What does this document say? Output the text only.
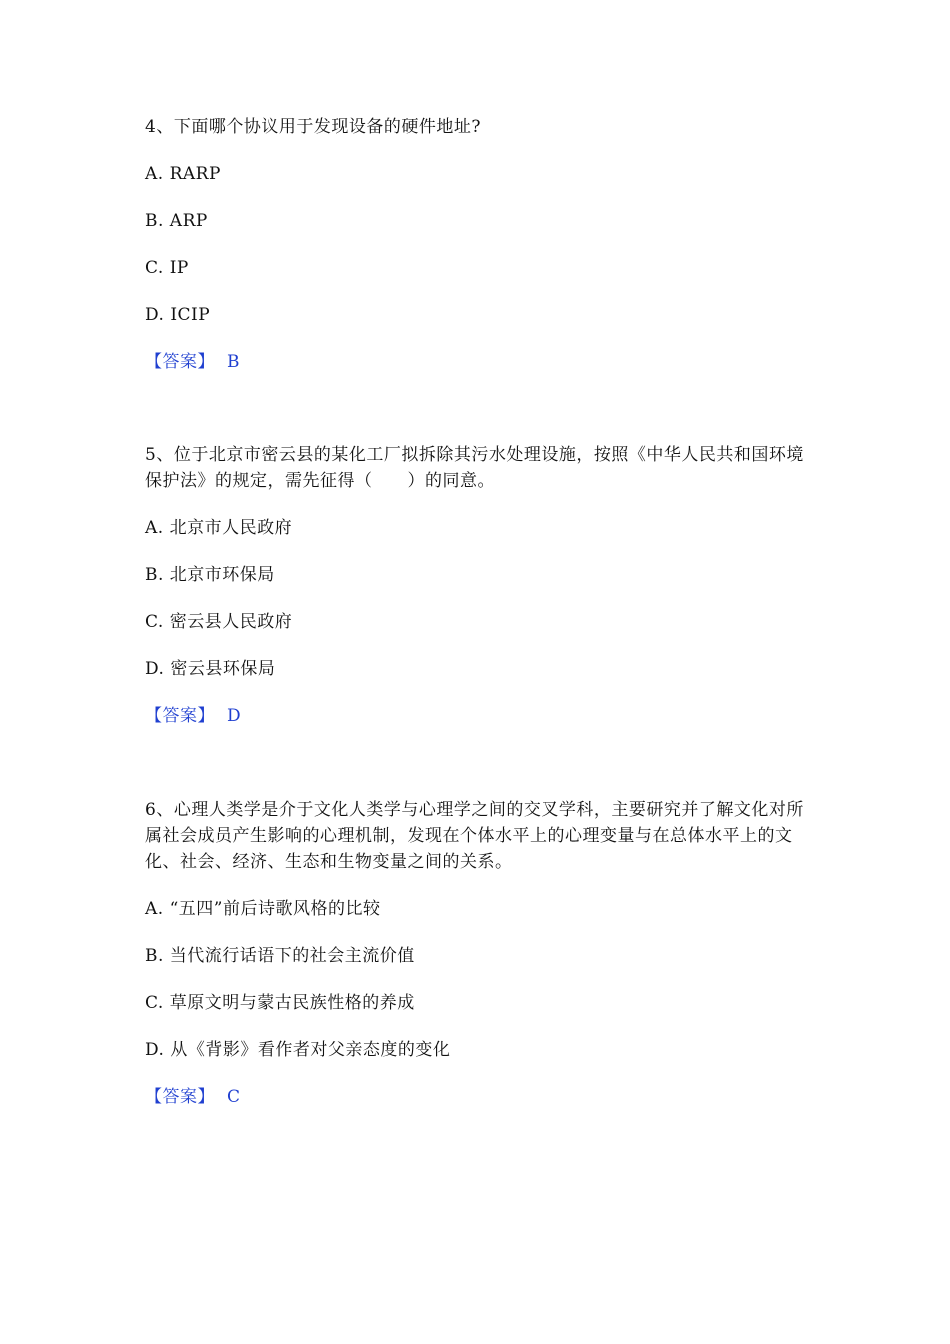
4、下面哪个协议用于发现设备的硬件地址?

A. RARP

B. ARP

C. IP

D. ICIP

【答案】 B

5、位于北京市密云县的某化工厂拟拆除其污水处理设施，按照《中华人民共和国环境保护法》的规定，需先征得（　　）的同意。

A. 北京市人民政府

B. 北京市环保局

C. 密云县人民政府

D. 密云县环保局

【答案】 D

6、心理人类学是介于文化人类学与心理学之间的交叉学科，主要研究并了解文化对所属社会成员产生影响的心理机制，发现在个体水平上的心理变量与在总体水平上的文化、社会、经济、生态和生物变量之间的关系。

A. “五四”前后诗歌风格的比较

B. 当代流行话语下的社会主流价值

C. 草原文明与蒙古民族性格的养成

D. 从《背影》看作者对父亲态度的变化

【答案】 C
